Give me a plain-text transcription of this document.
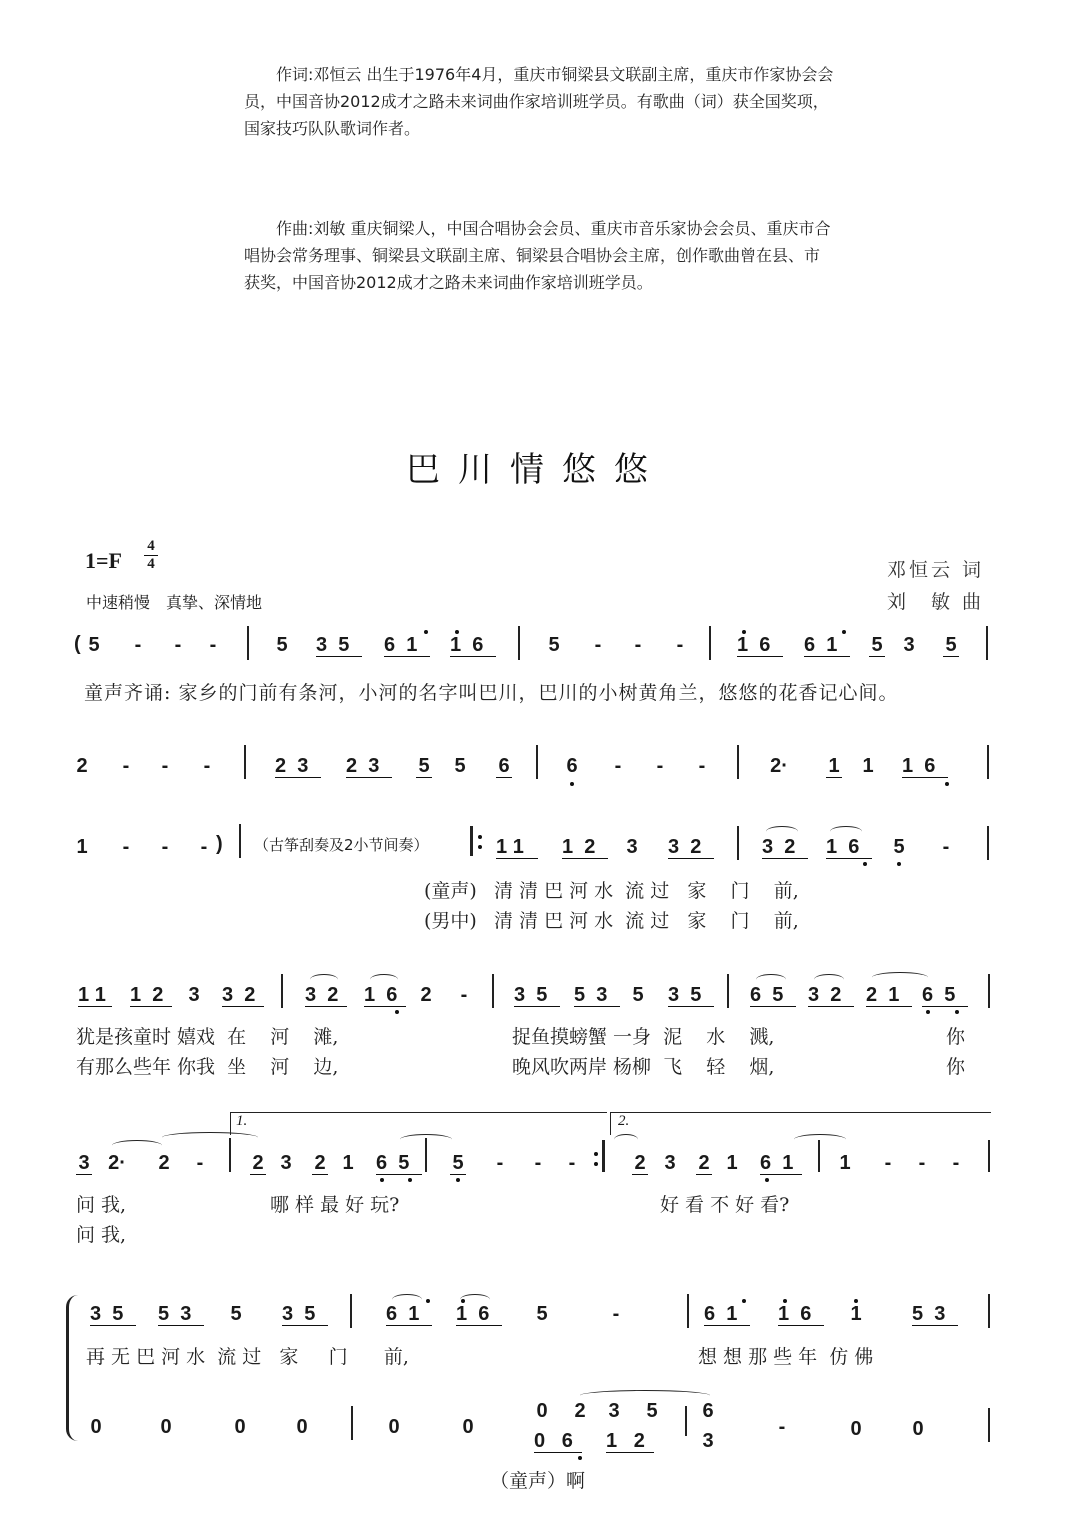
作词:邓恒云 出生于1976年4月，重庆市铜梁县文联副主席，重庆市作家协会会员，中国音协2012成才之路未来词曲作家培训班学员。有歌曲（词）获全国奖项，国家技巧队队歌词作者。

作曲:刘敏 重庆铜梁人，中国合唱协会会员、重庆市音乐家协会会员、重庆市合唱协会常务理事、铜梁县文联副主席、铜梁县合唱协会主席，创作歌曲曾在县、市获奖，中国音协2012成才之路未来词曲作家培训班学员。

巴川情悠悠
$1=F \frac{4}{4}$
中速稍慢　真挚、深情地
邓恒云 词
刘　敏 曲
( 5 - - -	5 3 5	6 1	1 6	5 - - -	1 6	6 1	5 3 5
童声齐诵: 家乡的门前有条河，小河的名字叫巴川，巴川的小树黄角兰，悠悠的花香记心间。
2 - - -	2 3	2 3	5 5 6	6 - - -	2· 1 1 1 6
1 - - - ) （古筝刮奏及2小节间奏）	1 1	1 2	3 3 2	3 2	1 6	5 -
(童声) 清 清 巴 河 水  流 过   家    门    前,
(男中) 清 清 巴 河 水  流 过   家    门    前,
1 1	1 2	3 3 2	3 2	1 6	2 - 3 5	5 3	5 3 5	6 5	3 2	2 1	6 5
犹是孩童时 嬉戏  在    河    滩,	捉鱼摸螃蟹 一身  泥    水    溅,	你
有那么些年 你我  坐    河    边,	晚风吹两岸 杨柳  飞    轻    烟,	你
1.	2.
3 2· 2 - 2 3 2 1 6 5	5 - - -	2 3 2 1 6 1	1 - - -
问 我,	哪 样 最 好 玩?	好 看 不 好 看?
问 我,
3 5	5 3	5 3 5	6 1	1 6	5	-	6 1	1 6	1	5 3
再 无 巴 河 水  流 过   家     门      前,	想 想 那 些 年  仿 佛
0	0	0	0	0	0
0 2 3 5
0 6	1 2
6
3
-	0	0
（童声）啊
